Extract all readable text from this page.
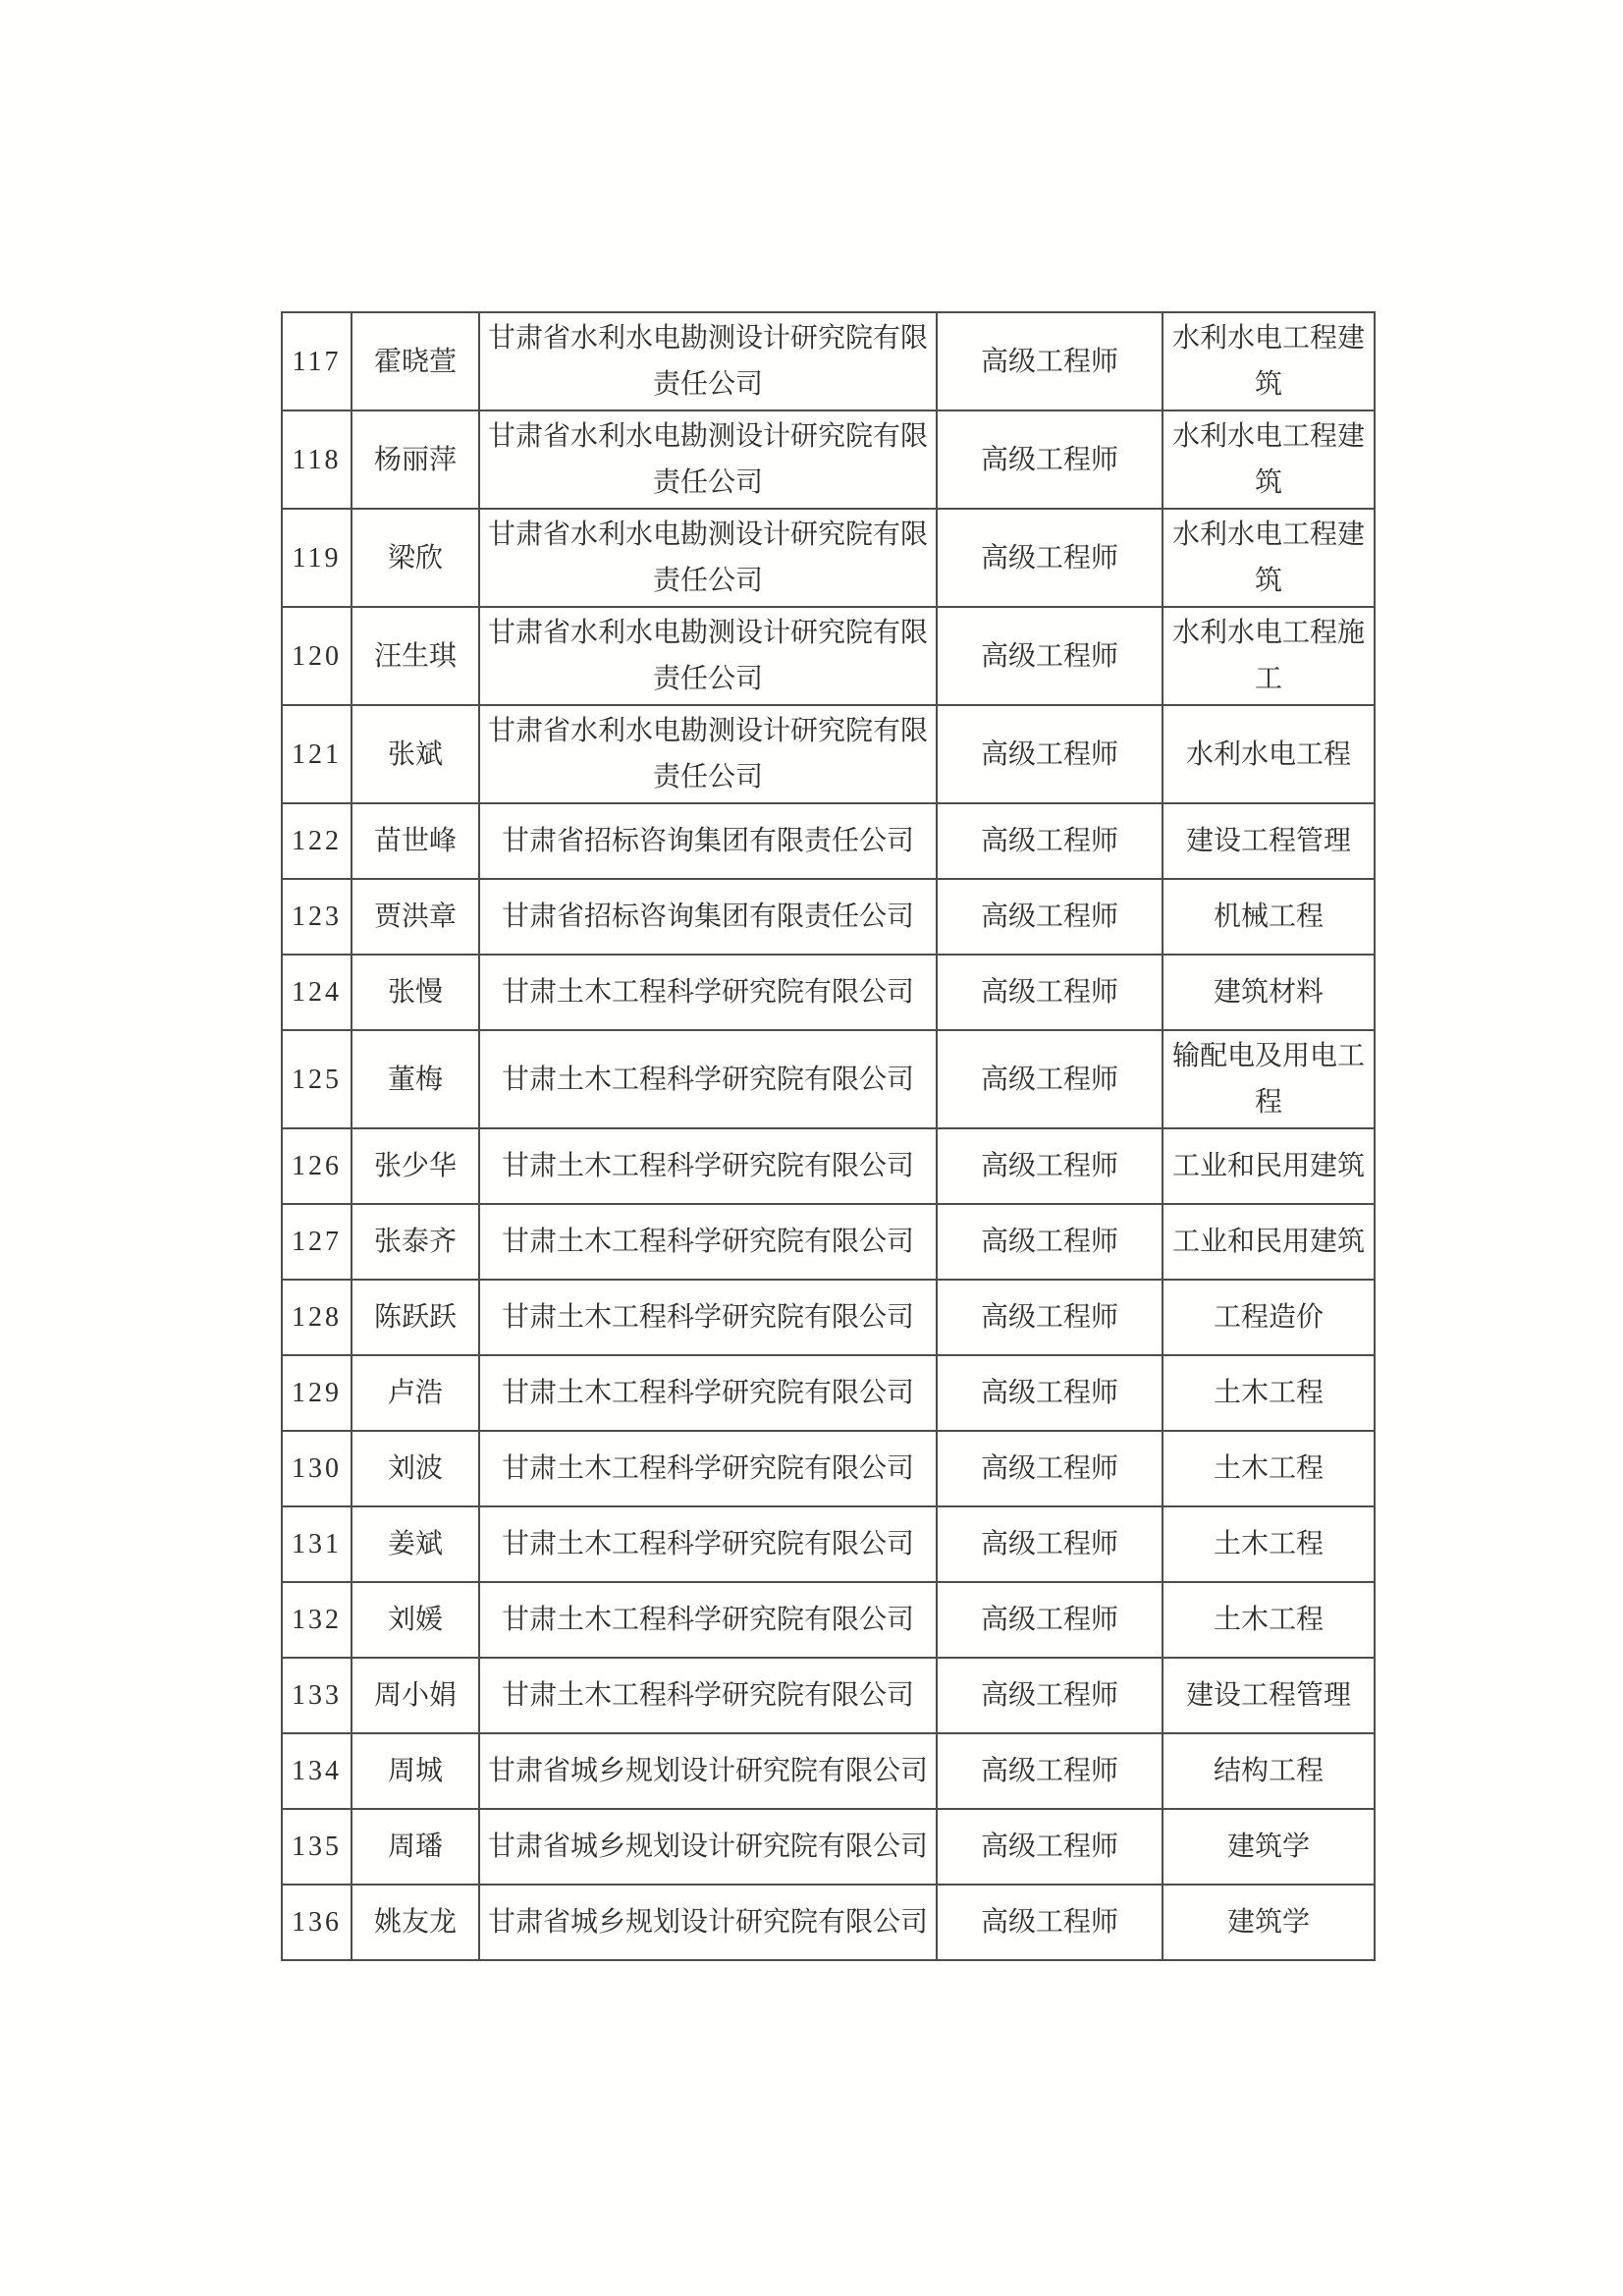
117	霍晓萱	甘肃省水利水电勘测设计研究院有限责任公司	高级工程师	水利水电工程建筑
118	杨丽萍	甘肃省水利水电勘测设计研究院有限责任公司	高级工程师	水利水电工程建筑
119	梁欣	甘肃省水利水电勘测设计研究院有限责任公司	高级工程师	水利水电工程建筑
120	汪生琪	甘肃省水利水电勘测设计研究院有限责任公司	高级工程师	水利水电工程施工
121	张斌	甘肃省水利水电勘测设计研究院有限责任公司	高级工程师	水利水电工程
122	苗世峰	甘肃省招标咨询集团有限责任公司	高级工程师	建设工程管理
123	贾洪章	甘肃省招标咨询集团有限责任公司	高级工程师	机械工程
124	张慢	甘肃土木工程科学研究院有限公司	高级工程师	建筑材料
125	董梅	甘肃土木工程科学研究院有限公司	高级工程师	输配电及用电工程
126	张少华	甘肃土木工程科学研究院有限公司	高级工程师	工业和民用建筑
127	张泰齐	甘肃土木工程科学研究院有限公司	高级工程师	工业和民用建筑
128	陈跃跃	甘肃土木工程科学研究院有限公司	高级工程师	工程造价
129	卢浩	甘肃土木工程科学研究院有限公司	高级工程师	土木工程
130	刘波	甘肃土木工程科学研究院有限公司	高级工程师	土木工程
131	姜斌	甘肃土木工程科学研究院有限公司	高级工程师	土木工程
132	刘媛	甘肃土木工程科学研究院有限公司	高级工程师	土木工程
133	周小娟	甘肃土木工程科学研究院有限公司	高级工程师	建设工程管理
134	周城	甘肃省城乡规划设计研究院有限公司	高级工程师	结构工程
135	周璠	甘肃省城乡规划设计研究院有限公司	高级工程师	建筑学
136	姚友龙	甘肃省城乡规划设计研究院有限公司	高级工程师	建筑学
